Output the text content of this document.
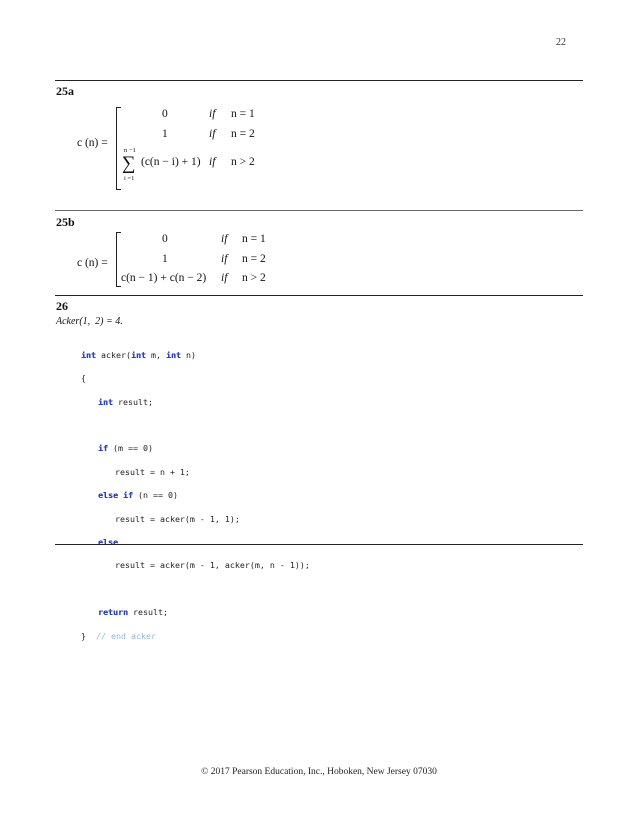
22
25a
c (n) =
0	if n = 1
1	if n = 2
n −1
∑
i =1
(c(n − i) + 1) if n > 2
25b
c (n) =
0	if n = 1
1	if n = 2
c(n − 1) + c(n − 2) if n > 2
26
Acker(1,  2) = 4.

int acker(int m, int n)

{

int result;

if (m == 0)

result = n + 1;

else if (n == 0)

result = acker(m - 1, 1);

else

result = acker(m - 1, acker(m, n - 1));

return result;

} // end acker

© 2017 Pearson Education, Inc., Hoboken, New Jersey 07030
